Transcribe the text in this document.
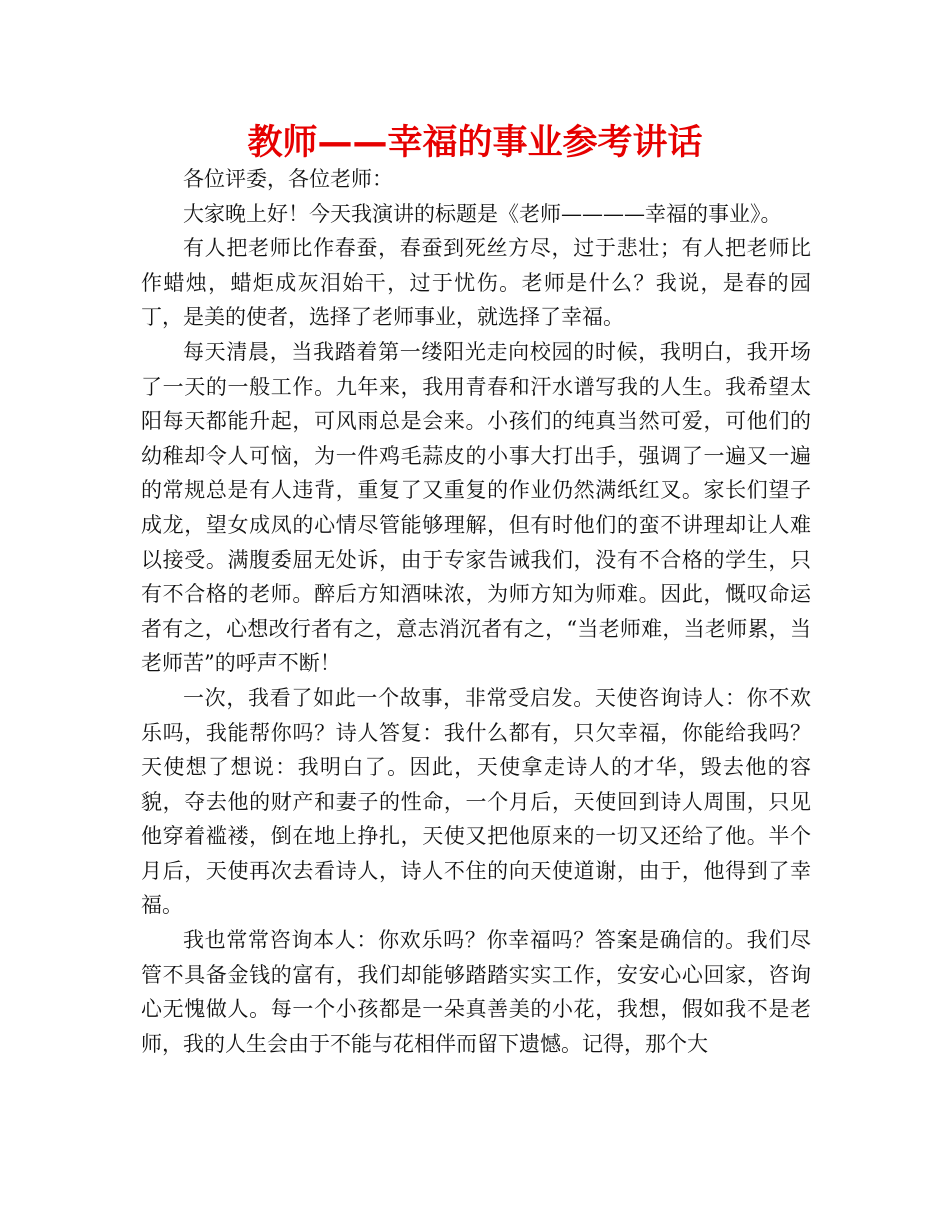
教师——幸福的事业参考讲话

各位评委，各位老师：

大家晚上好！今天我演讲的标题是《老师————幸福的事业》。

有人把老师比作春蚕，春蚕到死丝方尽，过于悲壮；有人把老师比作蜡烛，蜡炬成灰泪始干，过于忧伤。老师是什么？我说，是春的园丁，是美的使者，选择了老师事业，就选择了幸福。

每天清晨，当我踏着第一缕阳光走向校园的时候，我明白，我开场了一天的一般工作。九年来，我用青春和汗水谱写我的人生。我希望太阳每天都能升起，可风雨总是会来。小孩们的纯真当然可爱，可他们的幼稚却令人可恼，为一件鸡毛蒜皮的小事大打出手，强调了一遍又一遍的常规总是有人违背，重复了又重复的作业仍然满纸红叉。家长们望子成龙，望女成凤的心情尽管能够理解，但有时他们的蛮不讲理却让人难以接受。满腹委屈无处诉，由于专家告诫我们，没有不合格的学生，只有不合格的老师。醉后方知酒味浓，为师方知为师难。因此，慨叹命运者有之，心想改行者有之，意志消沉者有之，“当老师难，当老师累，当老师苦”的呼声不断！

一次，我看了如此一个故事，非常受启发。天使咨询诗人：你不欢乐吗，我能帮你吗？诗人答复：我什么都有，只欠幸福，你能给我吗？天使想了想说：我明白了。因此，天使拿走诗人的才华，毁去他的容貌，夺去他的财产和妻子的性命，一个月后，天使回到诗人周围，只见他穿着褴褛，倒在地上挣扎，天使又把他原来的一切又还给了他。半个月后，天使再次去看诗人，诗人不住的向天使道谢，由于，他得到了幸福。

我也常常咨询本人：你欢乐吗？你幸福吗？答案是确信的。我们尽管不具备金钱的富有，我们却能够踏踏实实工作，安安心心回家，咨询心无愧做人。每一个小孩都是一朵真善美的小花，我想，假如我不是老师，我的人生会由于不能与花相伴而留下遗憾。记得，那个大
